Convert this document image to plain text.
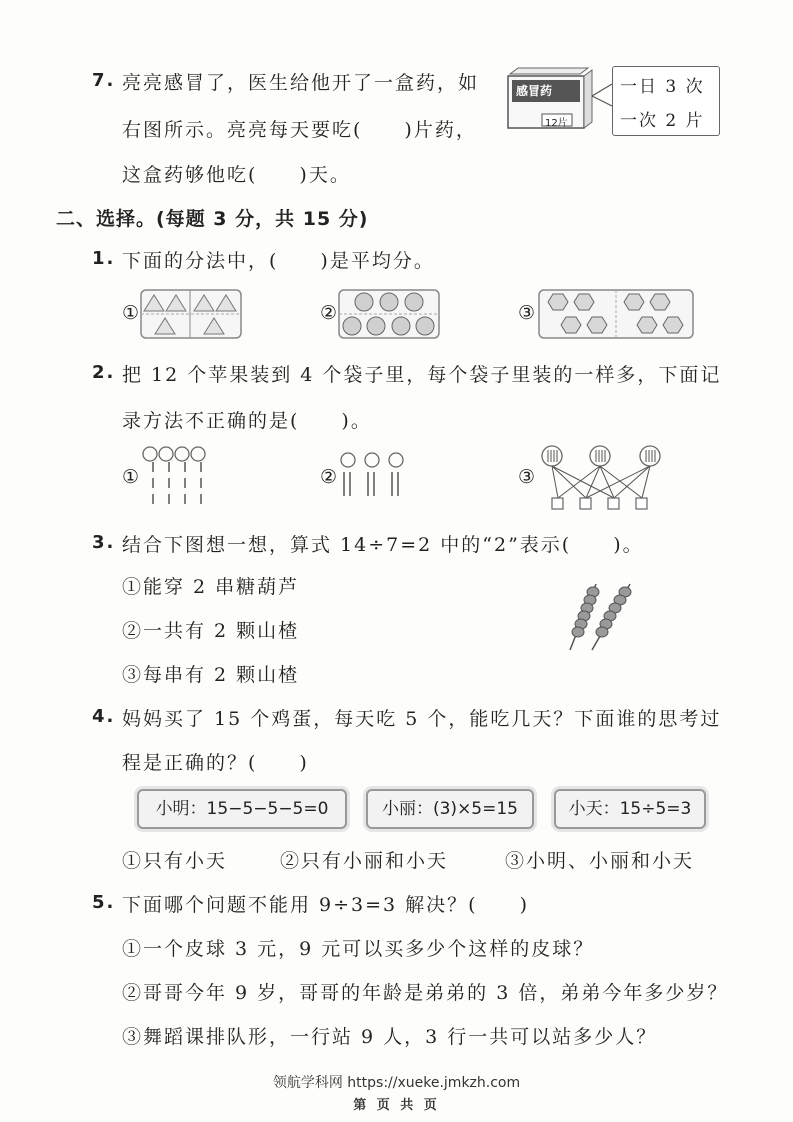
7. 亮亮感冒了，医生给他开了一盒药，如
右图所示。亮亮每天要吃(　　)片药，
这盒药够他吃(　　)天。
感冒药
12片
一日 3 次
一次 2 片
二、选择。(每题 3 分，共 15 分)
1. 下面的分法中，(　　)是平均分。
①	②	③
2. 把 12 个苹果装到 4 个袋子里，每个袋子里装的一样多，下面记
录方法不正确的是(　　)。
①	②	③
3. 结合下图想一想，算式 14÷7=2 中的“2”表示(　　)。
①能穿 2 串糖葫芦
②一共有 2 颗山楂
③每串有 2 颗山楂
4. 妈妈买了 15 个鸡蛋，每天吃 5 个，能吃几天？下面谁的思考过
程是正确的？(　　)
小明：15−5−5−5=0	小丽：(3)×5=15	小天：15÷5=3
①只有小天	②只有小丽和小天	③小明、小丽和小天
5. 下面哪个问题不能用 9÷3=3 解决？(　　)
①一个皮球 3 元，9 元可以买多少个这样的皮球？
②哥哥今年 9 岁，哥哥的年龄是弟弟的 3 倍，弟弟今年多少岁？
③舞蹈课排队形，一行站 9 人，3 行一共可以站多少人？
领航学科网 https://xueke.jmkzh.com
第 页 共 页
